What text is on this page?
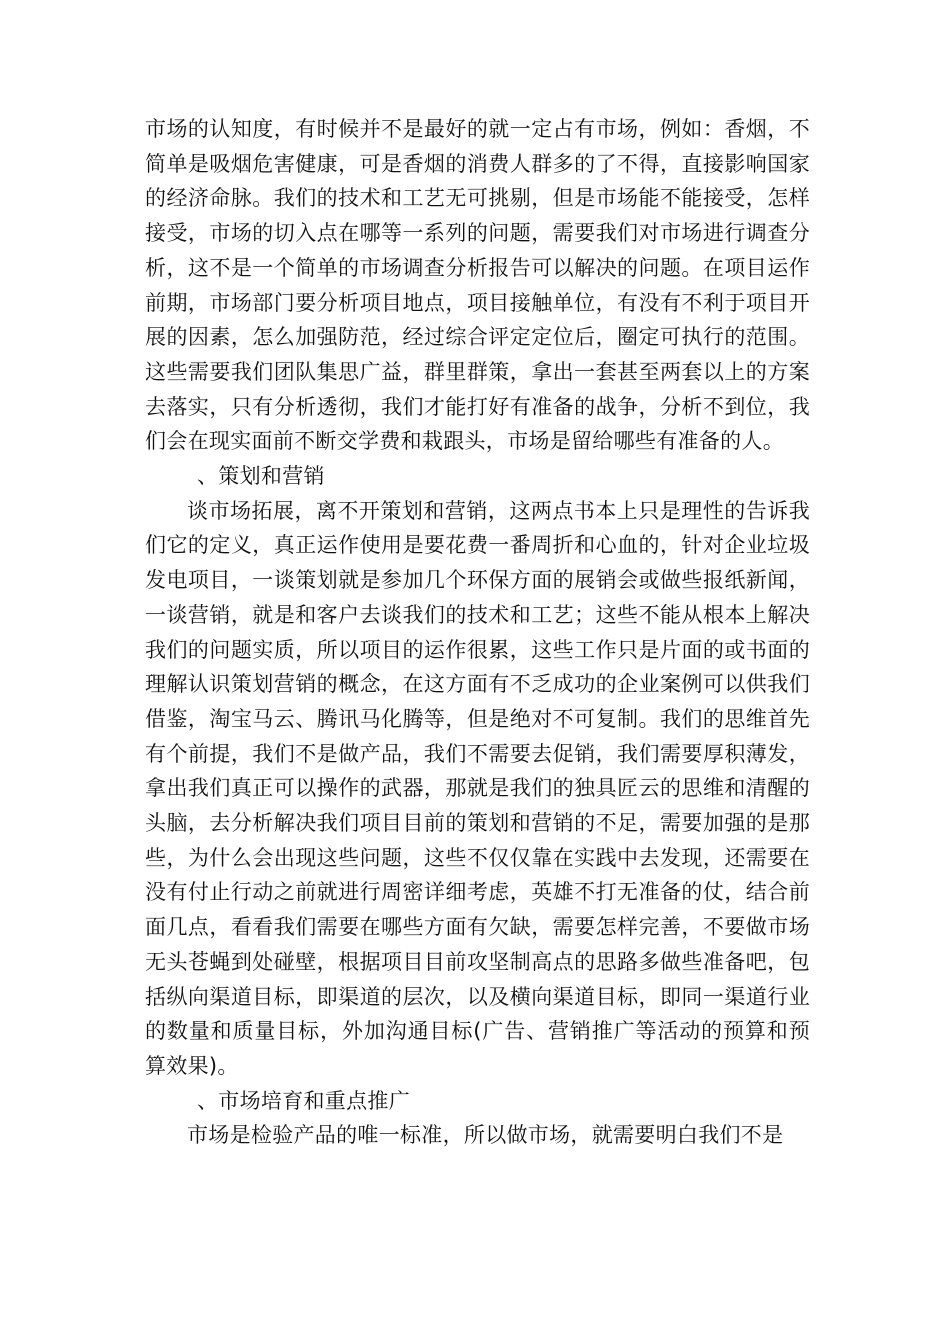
市场的认知度，有时候并不是最好的就一定占有市场，例如：香烟，不简单是吸烟危害健康，可是香烟的消费人群多的了不得，直接影响国家的经济命脉。我们的技术和工艺无可挑剔，但是市场能不能接受，怎样接受，市场的切入点在哪等一系列的问题，需要我们对市场进行调查分析，这不是一个简单的市场调查分析报告可以解决的问题。在项目运作前期，市场部门要分析项目地点，项目接触单位，有没有不利于项目开展的因素，怎么加强防范，经过综合评定定位后，圈定可执行的范围。这些需要我们团队集思广益，群里群策，拿出一套甚至两套以上的方案去落实，只有分析透彻，我们才能打好有准备的战争，分析不到位，我们会在现实面前不断交学费和栽跟头，市场是留给哪些有准备的人。

、策划和营销

谈市场拓展，离不开策划和营销，这两点书本上只是理性的告诉我们它的定义，真正运作使用是要花费一番周折和心血的，针对企业垃圾发电项目，一谈策划就是参加几个环保方面的展销会或做些报纸新闻，一谈营销，就是和客户去谈我们的技术和工艺；这些不能从根本上解决我们的问题实质，所以项目的运作很累，这些工作只是片面的或书面的理解认识策划营销的概念，在这方面有不乏成功的企业案例可以供我们借鉴，淘宝马云、腾讯马化腾等，但是绝对不可复制。我们的思维首先有个前提，我们不是做产品，我们不需要去促销，我们需要厚积薄发，拿出我们真正可以操作的武器，那就是我们的独具匠云的思维和清醒的头脑，去分析解决我们项目目前的策划和营销的不足，需要加强的是那些，为什么会出现这些问题，这些不仅仅靠在实践中去发现，还需要在没有付止行动之前就进行周密详细考虑，英雄不打无准备的仗，结合前面几点，看看我们需要在哪些方面有欠缺，需要怎样完善，不要做市场无头苍蝇到处碰壁，根据项目目前攻坚制高点的思路多做些准备吧，包括纵向渠道目标，即渠道的层次，以及横向渠道目标，即同一渠道行业的数量和质量目标，外加沟通目标(广告、营销推广等活动的预算和预算效果)。

、市场培育和重点推广

市场是检验产品的唯一标准，所以做市场，就需要明白我们不是
